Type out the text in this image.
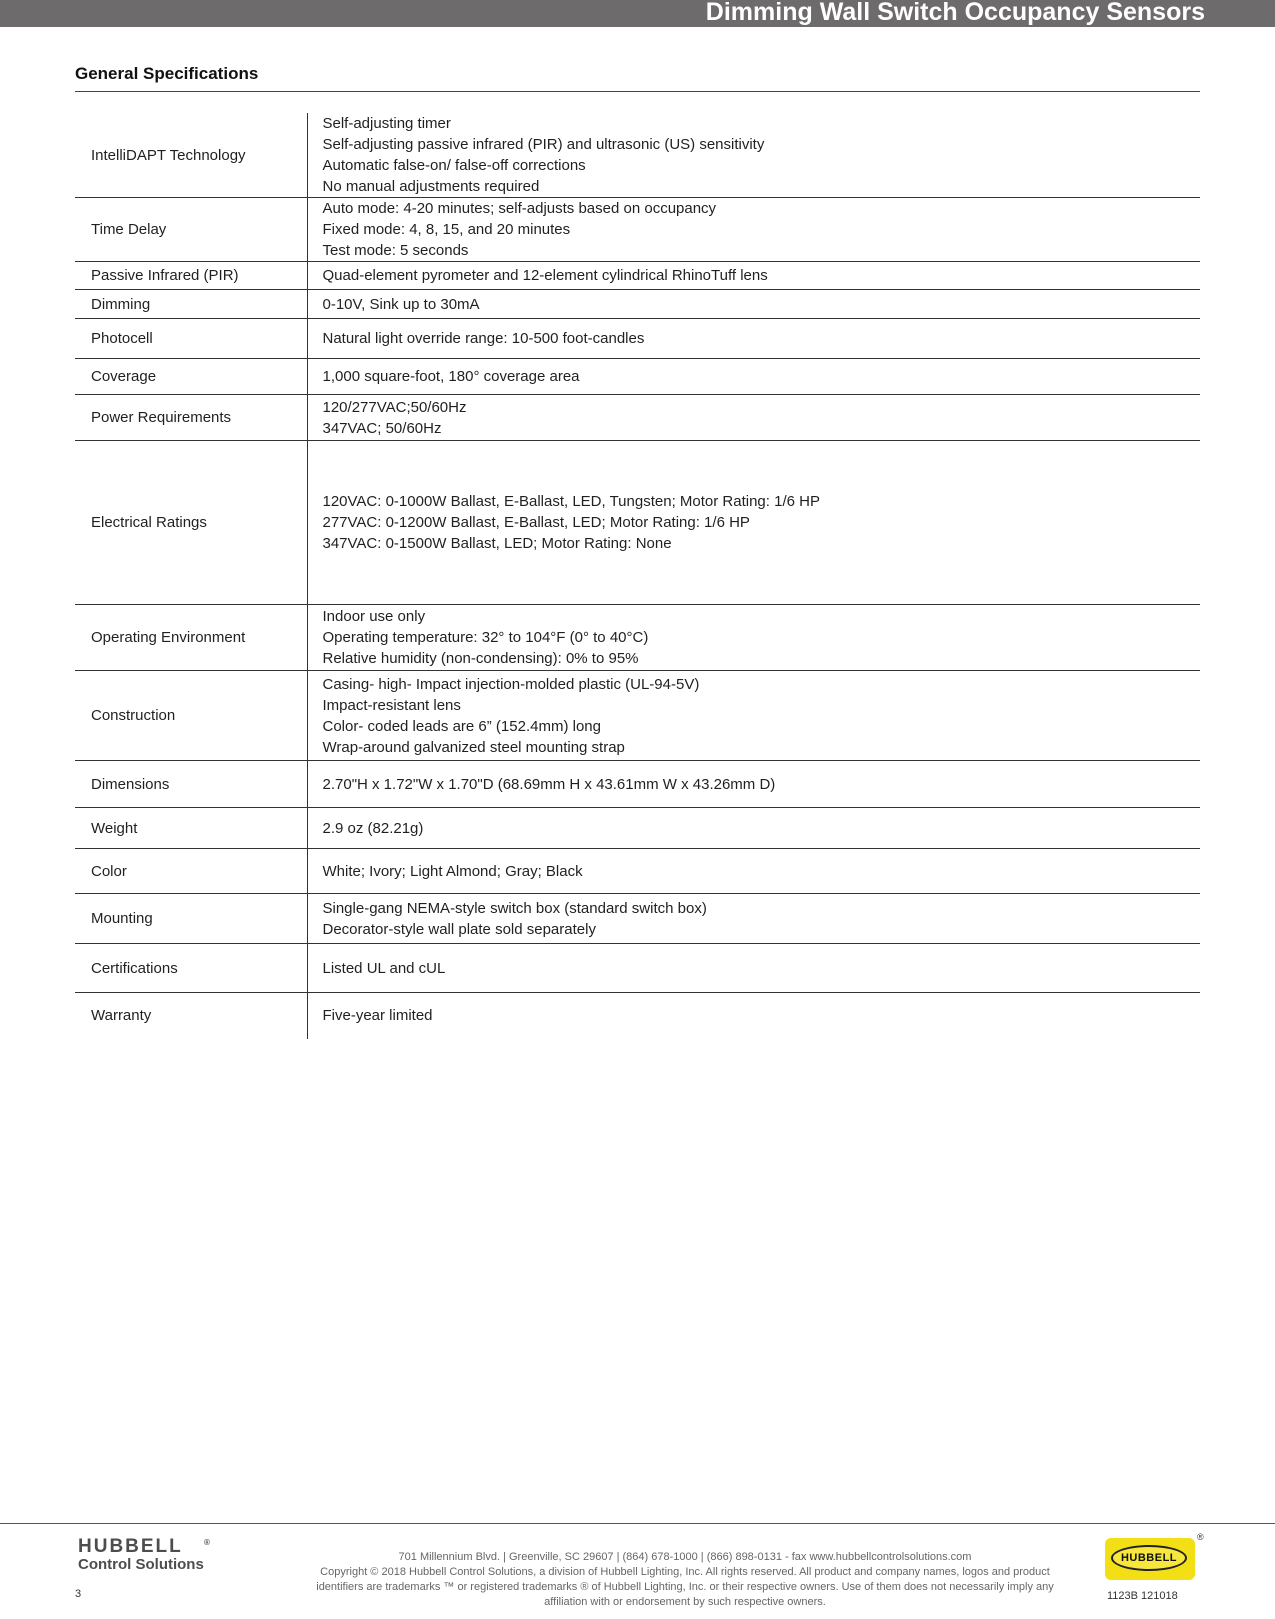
Dimming Wall Switch Occupancy Sensors
General Specifications
IntelliDAPT Technology	Self-adjusting timer
Self-adjusting passive infrared (PIR) and ultrasonic (US) sensitivity
Automatic false-on/ false-off corrections
No manual adjustments required

Time Delay	Auto mode: 4-20 minutes; self-adjusts based on occupancy
Fixed mode: 4, 8, 15, and 20 minutes
Test mode: 5 seconds

Passive Infrared (PIR)	Quad-element pyrometer and 12-element cylindrical RhinoTuff lens

Dimming	0-10V, Sink up to 30mA

Photocell	Natural light override range: 10-500 foot-candles

Coverage	1,000 square-foot, 180° coverage area

Power Requirements	120/277VAC;50/60Hz
347VAC; 50/60Hz

Electrical Ratings	120VAC: 0-1000W Ballast, E-Ballast, LED, Tungsten; Motor Rating: 1/6 HP
277VAC: 0-1200W Ballast, E-Ballast, LED; Motor Rating: 1/6 HP
347VAC: 0-1500W Ballast, LED; Motor Rating: None

Operating Environment	Indoor use only
Operating temperature: 32° to 104°F (0° to 40°C)
Relative humidity (non-condensing): 0% to 95%

Construction	Casing- high- Impact injection-molded plastic (UL-94-5V)
Impact-resistant lens
Color- coded leads are 6” (152.4mm) long
Wrap-around galvanized steel mounting strap

Dimensions	2.70"H x 1.72"W x 1.70"D (68.69mm H x 43.61mm W x 43.26mm D)

Weight	2.9 oz (82.21g)

Color	White; Ivory; Light Almond; Gray; Black

Mounting	Single-gang NEMA-style switch box (standard switch box)
Decorator-style wall plate sold separately

Certifications	Listed UL and cUL

Warranty	Five-year limited
HUBBELL
Control Solutions
®
3
701 Millennium Blvd. | Greenville, SC 29607 | (864) 678-1000 | (866) 898-0131 - fax www.hubbellcontrolsolutions.com
Copyright © 2018 Hubbell Control Solutions, a division of Hubbell Lighting, Inc. All rights reserved. All product and company names, logos and product
identifiers are trademarks ™ or registered trademarks ® of Hubbell Lighting, Inc. or their respective owners. Use of them does not necessarily imply any
affiliation with or endorsement by such respective owners.
HUBBELL
®
1123B 121018
